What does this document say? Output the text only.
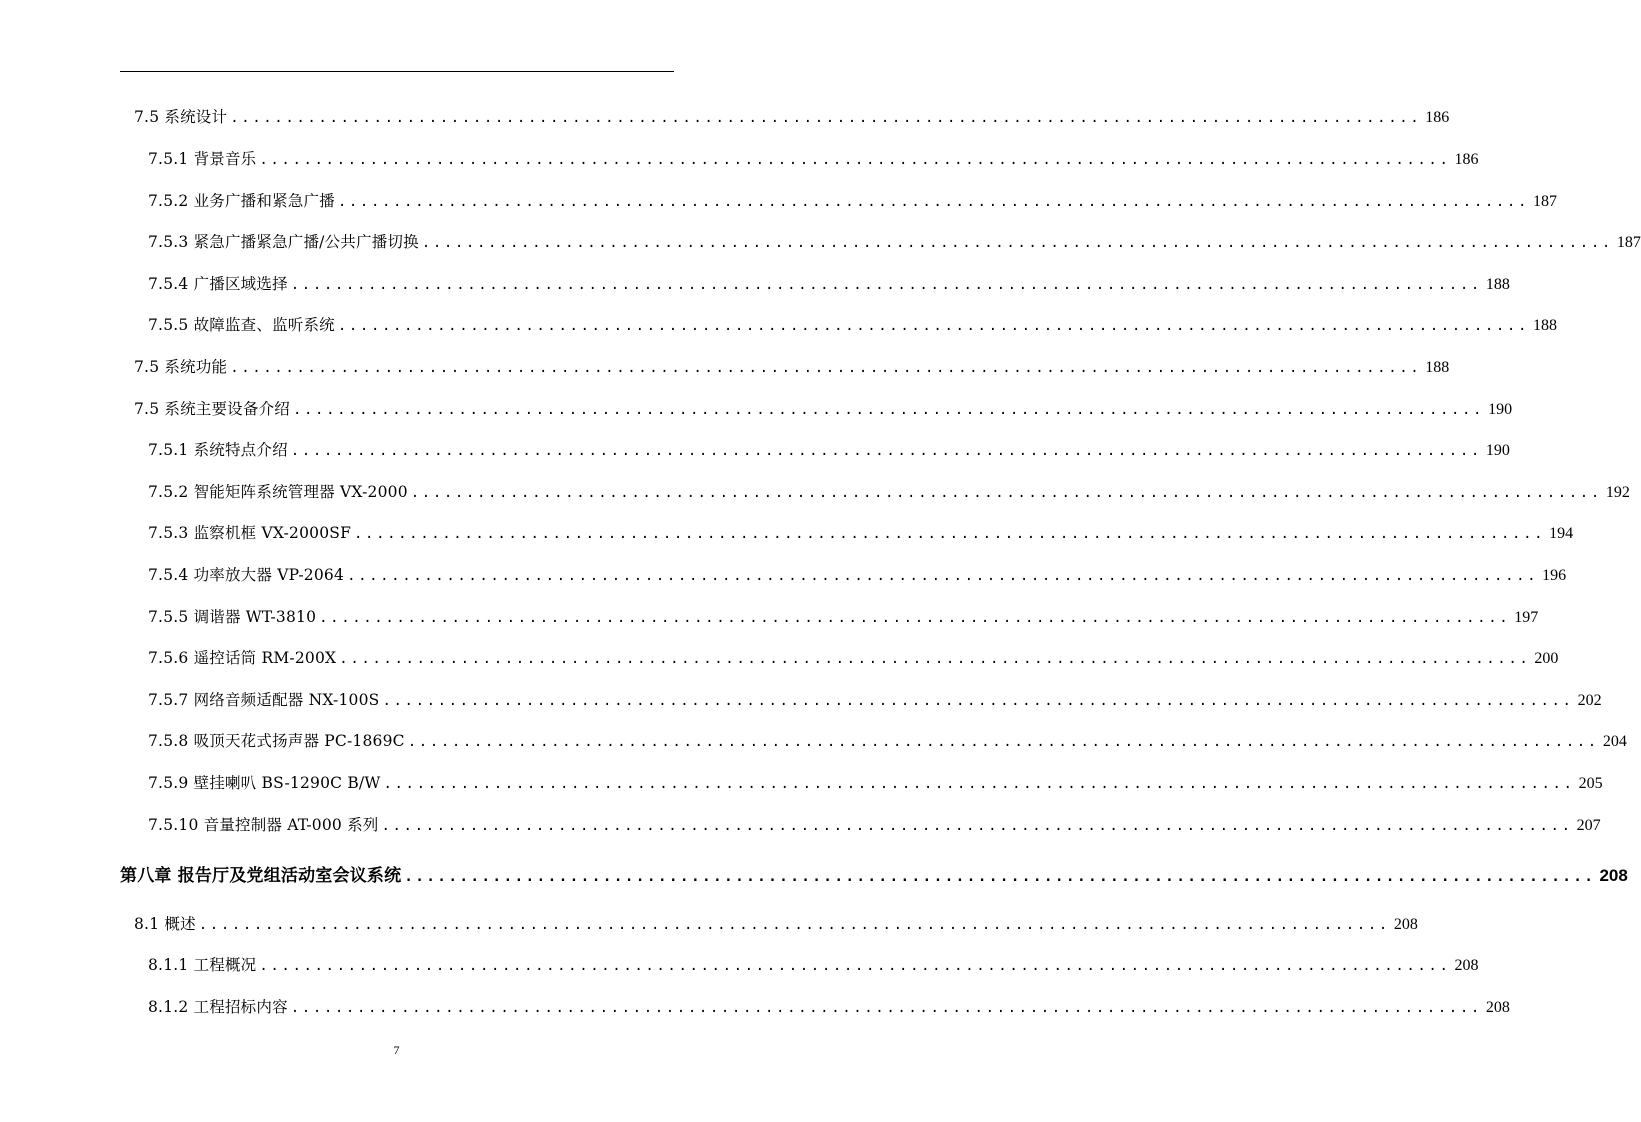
7.5 系统设计 ............................................................................................................ 186
7.5.1 背景音乐 ............................................................................................................ 186
7.5.2 业务广播和紧急广播 ............................................................................................................ 187
7.5.3 紧急广播紧急广播/公共广播切换 ............................................................................................................ 187
7.5.4 广播区域选择 ............................................................................................................ 188
7.5.5 故障监查、监听系统 ............................................................................................................ 188
7.5 系统功能 ............................................................................................................ 188
7.5 系统主要设备介绍 ............................................................................................................ 190
7.5.1 系统特点介绍 ............................................................................................................ 190
7.5.2 智能矩阵系统管理器 VX-2000 ............................................................................................................ 192
7.5.3 监察机框 VX-2000SF ............................................................................................................ 194
7.5.4 功率放大器 VP-2064 ............................................................................................................ 196
7.5.5 调谐器 WT-3810 ............................................................................................................ 197
7.5.6 遥控话筒 RM-200X ............................................................................................................ 200
7.5.7 网络音频适配器 NX-100S ............................................................................................................ 202
7.5.8 吸顶天花式扬声器 PC-1869C ............................................................................................................ 204
7.5.9 壁挂喇叭 BS-1290C B/W ............................................................................................................ 205
7.5.10 音量控制器 AT-000 系列 ............................................................................................................ 207
第八章 报告厅及党组活动室会议系统 ............................................................................................................ 208
8.1 概述 ............................................................................................................ 208
8.1.1 工程概况 ............................................................................................................ 208
8.1.2 工程招标内容 ............................................................................................................ 208
7
